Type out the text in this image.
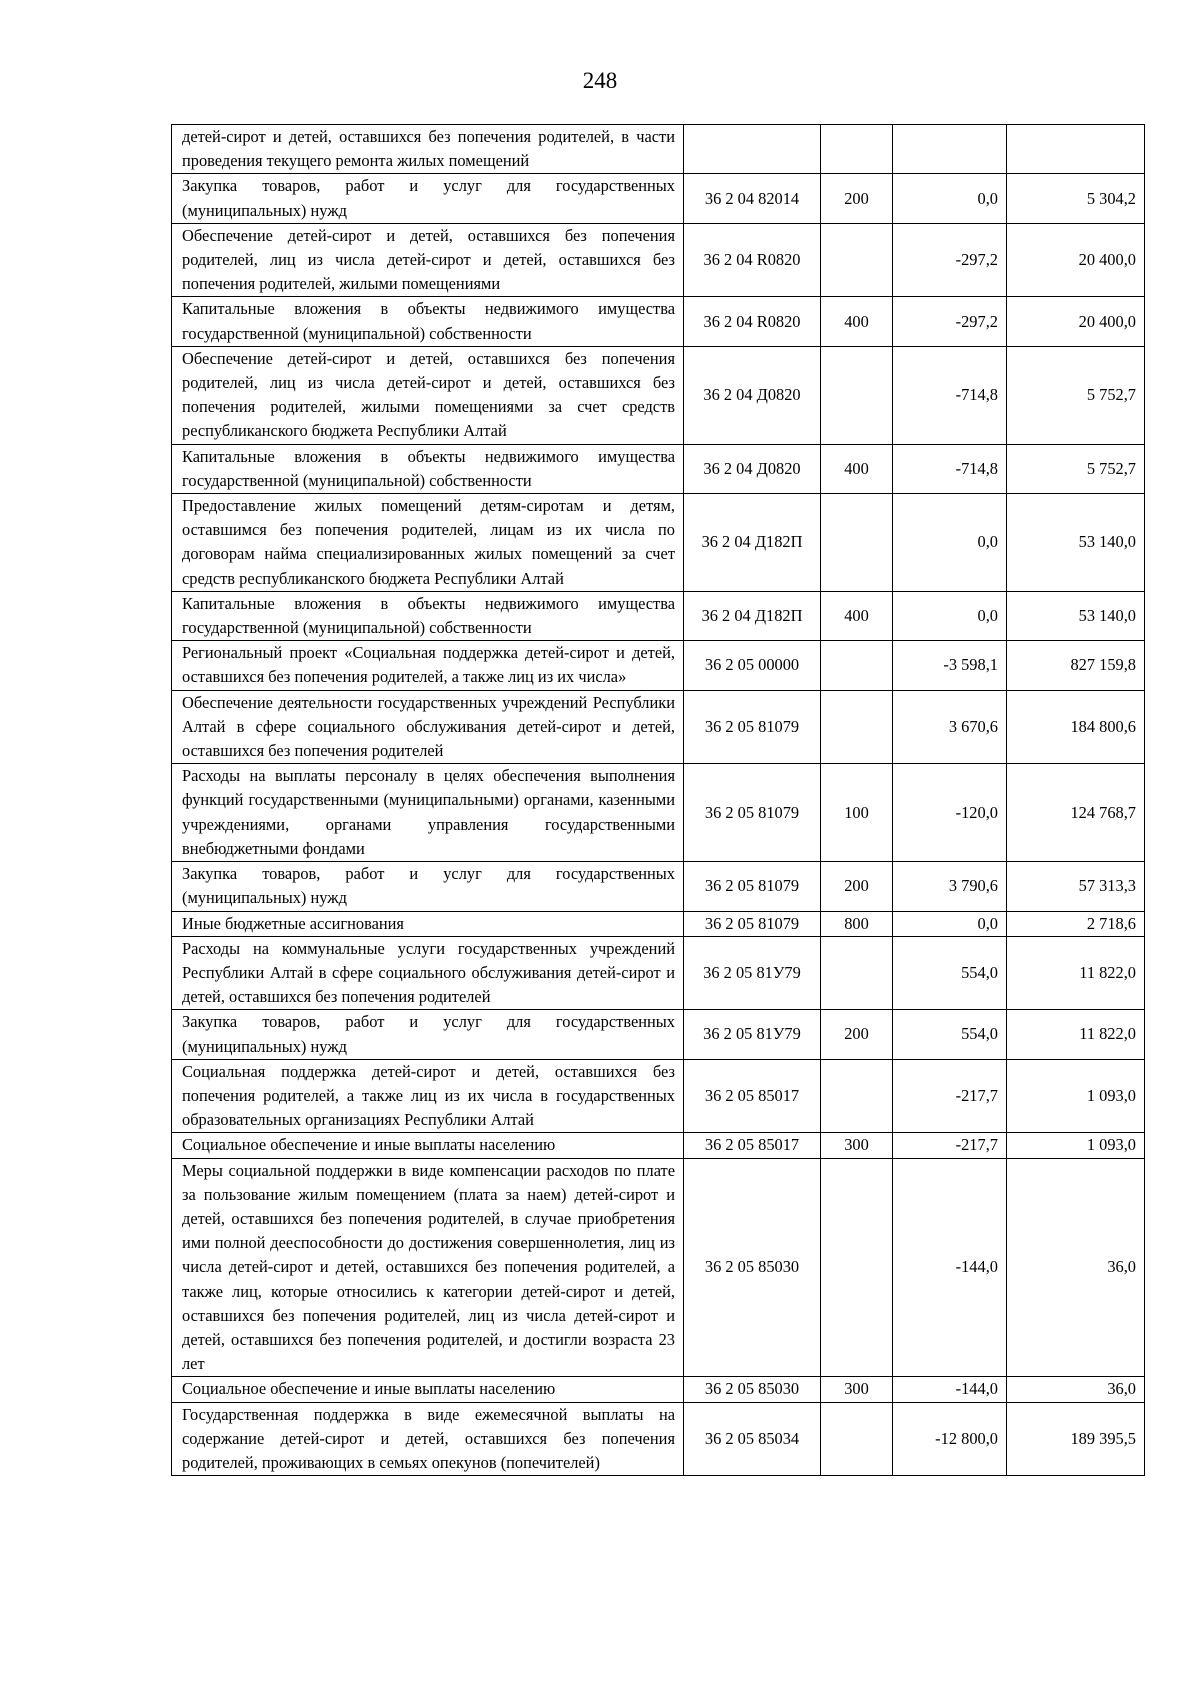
248
детей-сирот и детей, оставшихся без попечения родителей, в части проведения текущего ремонта жилых помещений				
Закупка товаров, работ и услуг для государственных (муниципальных) нужд	36 2 04 82014	200	0,0	5 304,2
Обеспечение детей-сирот и детей, оставшихся без попечения родителей, лиц из числа детей-сирот и детей, оставшихся без попечения родителей, жилыми помещениями	36 2 04 R0820		-297,2	20 400,0
Капитальные вложения в объекты недвижимого имущества государственной (муниципальной) собственности	36 2 04 R0820	400	-297,2	20 400,0
Обеспечение детей-сирот и детей, оставшихся без попечения родителей, лиц из числа детей-сирот и детей, оставшихся без попечения родителей, жилыми помещениями за счет средств республиканского бюджета Республики Алтай	36 2 04 Д0820		-714,8	5 752,7
Капитальные вложения в объекты недвижимого имущества государственной (муниципальной) собственности	36 2 04 Д0820	400	-714,8	5 752,7
Предоставление жилых помещений детям-сиротам и детям, оставшимся без попечения родителей, лицам из их числа по договорам найма специализированных жилых помещений за счет средств республиканского бюджета Республики Алтай	36 2 04 Д182П		0,0	53 140,0
Капитальные вложения в объекты недвижимого имущества государственной (муниципальной) собственности	36 2 04 Д182П	400	0,0	53 140,0
Региональный проект «Социальная поддержка детей-сирот и детей, оставшихся без попечения родителей, а также лиц из их числа»	36 2 05 00000		-3 598,1	827 159,8
Обеспечение деятельности государственных учреждений Республики Алтай в сфере социального обслуживания детей-сирот и детей, оставшихся без попечения родителей	36 2 05 81079		3 670,6	184 800,6
Расходы на выплаты персоналу в целях обеспечения выполнения функций государственными (муниципальными) органами, казенными учреждениями, органами управления государственными внебюджетными фондами	36 2 05 81079	100	-120,0	124 768,7
Закупка товаров, работ и услуг для государственных (муниципальных) нужд	36 2 05 81079	200	3 790,6	57 313,3
Иные бюджетные ассигнования	36 2 05 81079	800	0,0	2 718,6
Расходы на коммунальные услуги государственных учреждений Республики Алтай в сфере социального обслуживания детей-сирот и детей, оставшихся без попечения родителей	36 2 05 81У79		554,0	11 822,0
Закупка товаров, работ и услуг для государственных (муниципальных) нужд	36 2 05 81У79	200	554,0	11 822,0
Социальная поддержка детей-сирот и детей, оставшихся без попечения родителей, а также лиц из их числа в государственных образовательных организациях Республики Алтай	36 2 05 85017		-217,7	1 093,0
Социальное обеспечение и иные выплаты населению	36 2 05 85017	300	-217,7	1 093,0
Меры социальной поддержки в виде компенсации расходов по плате за пользование жилым помещением (плата за наем) детей-сирот и детей, оставшихся без попечения родителей, в случае приобретения ими полной дееспособности до достижения совершеннолетия, лиц из числа детей-сирот и детей, оставшихся без попечения родителей, а также лиц, которые относились к категории детей-сирот и детей, оставшихся без попечения родителей, лиц из числа детей-сирот и детей, оставшихся без попечения родителей, и достигли возраста 23 лет	36 2 05 85030		-144,0	36,0
Социальное обеспечение и иные выплаты населению	36 2 05 85030	300	-144,0	36,0
Государственная поддержка в виде ежемесячной выплаты на содержание детей-сирот и детей, оставшихся без попечения родителей, проживающих в семьях опекунов (попечителей)	36 2 05 85034		-12 800,0	189 395,5
